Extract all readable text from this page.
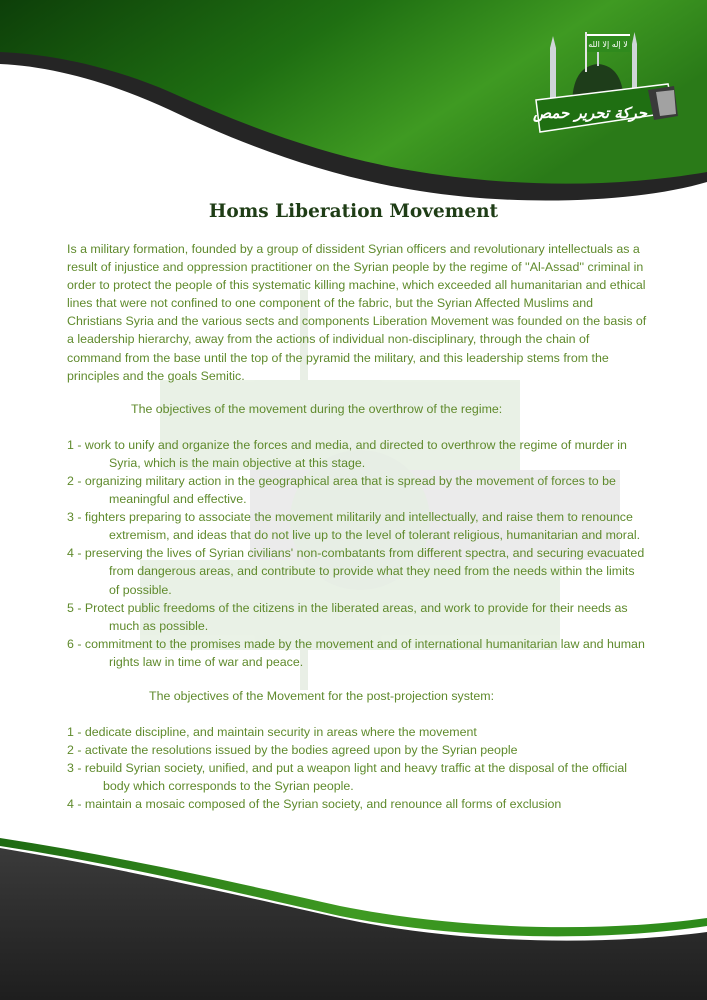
لا إله إلا الله
حركة تحرير حمص
Homs Liberation Movement

Is a military formation, founded by a group of dissident Syrian officers and revolutionary intellectuals as a result of injustice and oppression practitioner on the Syrian people by the regime of ''Al-Assad'' criminal in order to protect the people of this systematic killing machine, which exceeded all humanitarian and ethical lines that were not confined to one component of the fabric, but the Syrian Affected Muslims and Christians Syria and the various sects and components Liberation Movement was founded on the basis of a leadership hierarchy, away from the actions of individual non-disciplinary, through the chain of command from the base until the top of the pyramid the military, and this leadership stems from the principles and the goals Semitic.

The objectives of the movement during the overthrow of the regime:

1 - work to unify and organize the forces and media, and directed to overthrow the regime of murder in Syria, which is the main objective at this stage.
2 - organizing military action in the geographical area that is spread by the movement of forces to be meaningful and effective.
3 - fighters preparing to associate the movement militarily and intellectually, and raise them to renounce extremism, and ideas that do not live up to the level of tolerant religious, humanitarian and moral.
4 - preserving the lives of Syrian civilians' non-combatants from different spectra, and securing evacuated from dangerous areas, and contribute to provide what they need from the needs within the limits of possible.
5 - Protect public freedoms of the citizens in the liberated areas, and work to provide for their needs as much as possible.
6 - commitment to the promises made by the movement and of international humanitarian law and human rights law in time of war and peace.

The objectives of the Movement for the post-projection system:

1 - dedicate discipline, and maintain security in areas where the movement
2 - activate the resolutions issued by the bodies agreed upon by the Syrian people
3 - rebuild Syrian society, unified, and put a weapon light and heavy traffic at the disposal of the official body which corresponds to the Syrian people.
4 - maintain a mosaic composed of the Syrian society, and renounce all forms of exclusion
